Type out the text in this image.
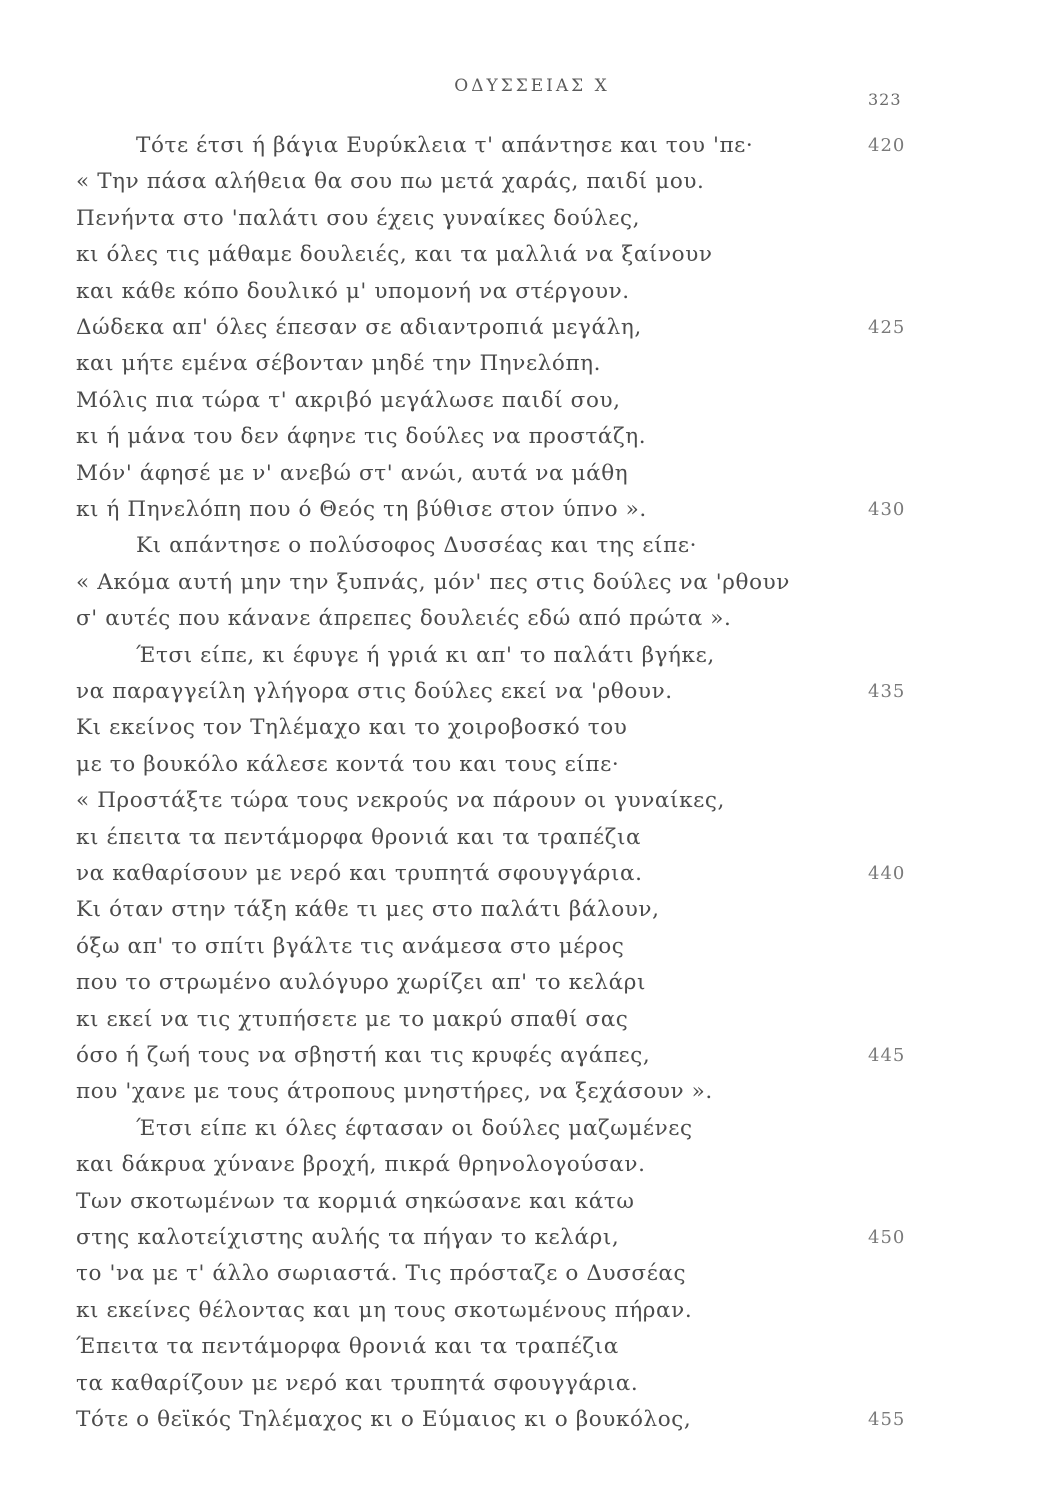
ΟΔΥΣΣΕΙΑΣ Χ
323
Τότε έτσι ή βάγια Ευρύκλεια τ' απάντησε και του 'πε·	420
« Την πάσα αλήθεια θα σου πω μετά χαράς, παιδί μου.
Πενήντα στο 'παλάτι σου έχεις γυναίκες δούλες,
κι όλες τις μάθαμε δουλειές, και τα μαλλιά να ξαίνουν
και κάθε κόπο δουλικό μ' υπομονή να στέργουν.
Δώδεκα απ' όλες έπεσαν σε αδιαντροπιά μεγάλη,	425
και μήτε εμένα σέβονταν μηδέ την Πηνελόπη.
Μόλις πια τώρα τ' ακριβό μεγάλωσε παιδί σου,
κι ή μάνα του δεν άφηνε τις δούλες να προστάζη.
Μόν' άφησέ με ν' ανεβώ στ' ανώι, αυτά να μάθη
κι ή Πηνελόπη που ό Θεός τη βύθισε στον ύπνο ».	430
Κι απάντησε ο πολύσοφος Δυσσέας και της είπε·
« Ακόμα αυτή μην την ξυπνάς, μόν' πες στις δούλες να 'ρθουν
σ' αυτές που κάνανε άπρεπες δουλειές εδώ από πρώτα ».
Έτσι είπε, κι έφυγε ή γριά κι απ' το παλάτι βγήκε,
να παραγγείλη γλήγορα στις δούλες εκεί να 'ρθουν.	435
Κι εκείνος τον Τηλέμαχο και το χοιροβοσκό του
με το βουκόλο κάλεσε κοντά του και τους είπε·
« Προστάξτε τώρα τους νεκρούς να πάρουν οι γυναίκες,
κι έπειτα τα πεντάμορφα θρονιά και τα τραπέζια
να καθαρίσουν με νερό και τρυπητά σφουγγάρια.	440
Κι όταν στην τάξη κάθε τι μες στο παλάτι βάλουν,
όξω απ' το σπίτι βγάλτε τις ανάμεσα στο μέρος
που το στρωμένο αυλόγυρο χωρίζει απ' το κελάρι
κι εκεί να τις χτυπήσετε με το μακρύ σπαθί σας
όσο ή ζωή τους να σβηστή και τις κρυφές αγάπες,	445
που 'χανε με τους άτροπους μνηστήρες, να ξεχάσουν ».
Έτσι είπε κι όλες έφτασαν οι δούλες μαζωμένες
και δάκρυα χύνανε βροχή, πικρά θρηνολογούσαν.
Των σκοτωμένων τα κορμιά σηκώσανε και κάτω
στης καλοτείχιστης αυλής τα πήγαν το κελάρι,	450
το 'να με τ' άλλο σωριαστά. Τις πρόσταζε ο Δυσσέας
κι εκείνες θέλοντας και μη τους σκοτωμένους πήραν.
Έπειτα τα πεντάμορφα θρονιά και τα τραπέζια
τα καθαρίζουν με νερό και τρυπητά σφουγγάρια.
Τότε ο θεϊκός Τηλέμαχος κι ο Εύμαιος κι ο βουκόλος,	455
